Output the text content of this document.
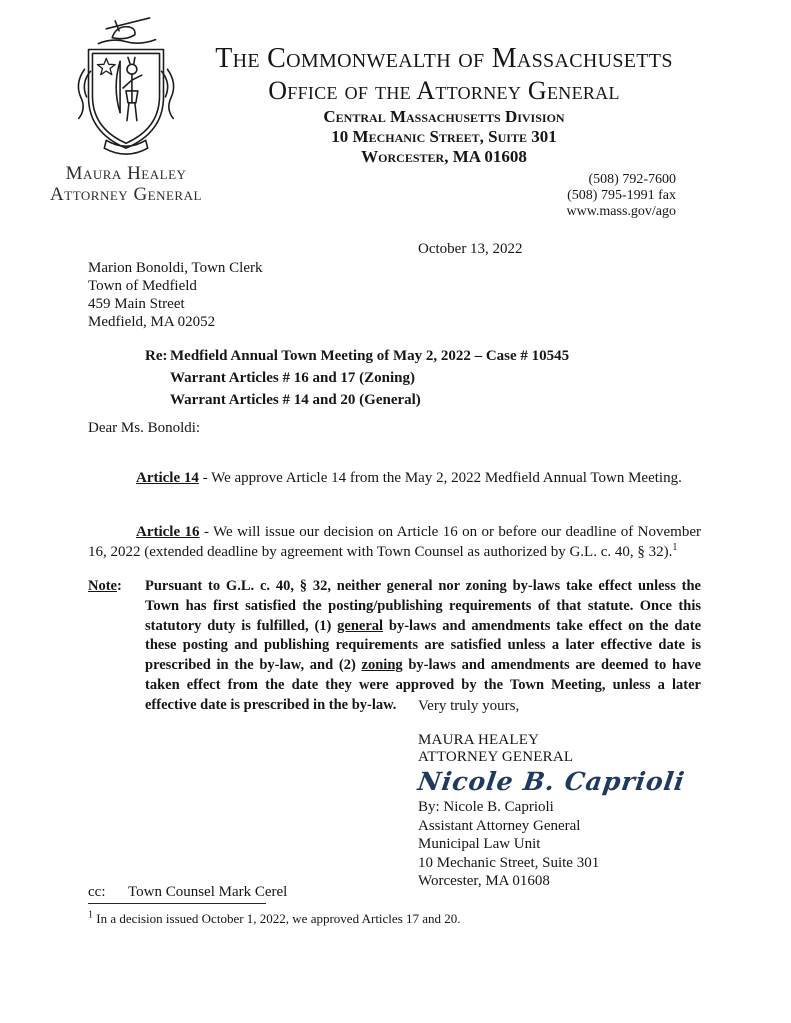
Maura Healey
Attorney General
The Commonwealth of Massachusetts
Office of the Attorney General
Central Massachusetts Division
10 Mechanic Street, Suite 301
Worcester, MA 01608
(508) 792-7600
(508) 795-1991 fax
www.mass.gov/ago
October 13, 2022
Marion Bonoldi, Town Clerk
Town of Medfield
459 Main Street
Medfield, MA 02052
Re: Medfield Annual Town Meeting of May 2, 2022 – Case # 10545
Warrant Articles # 16 and 17 (Zoning)
Warrant Articles # 14 and 20 (General)
Dear Ms. Bonoldi:

Article 14 - We approve Article 14 from the May 2, 2022 Medfield Annual Town Meeting.

Article 16 - We will issue our decision on Article 16 on or before our deadline of November 16, 2022 (extended deadline by agreement with Town Counsel as authorized by G.L. c. 40, § 32).$^1$

Note:	Pursuant to G.L. c. 40, § 32, neither general nor zoning by-laws take effect unless the Town has first satisfied the posting/publishing requirements of that statute. Once this statutory duty is fulfilled, (1) general by-laws and amendments take effect on the date these posting and publishing requirements are satisfied unless a later effective date is prescribed in the by-law, and (2) zoning by-laws and amendments are deemed to have taken effect from the date they were approved by the Town Meeting, unless a later effective date is prescribed in the by-law.	Very truly yours,
MAURA HEALEY
ATTORNEY GENERAL
Nicole B. Caprioli
By: Nicole B. Caprioli
Assistant Attorney General
Municipal Law Unit
10 Mechanic Street, Suite 301
Worcester, MA 01608
cc:	Town Counsel Mark Cerel
$^1$ In a decision issued October 1, 2022, we approved Articles 17 and 20.
